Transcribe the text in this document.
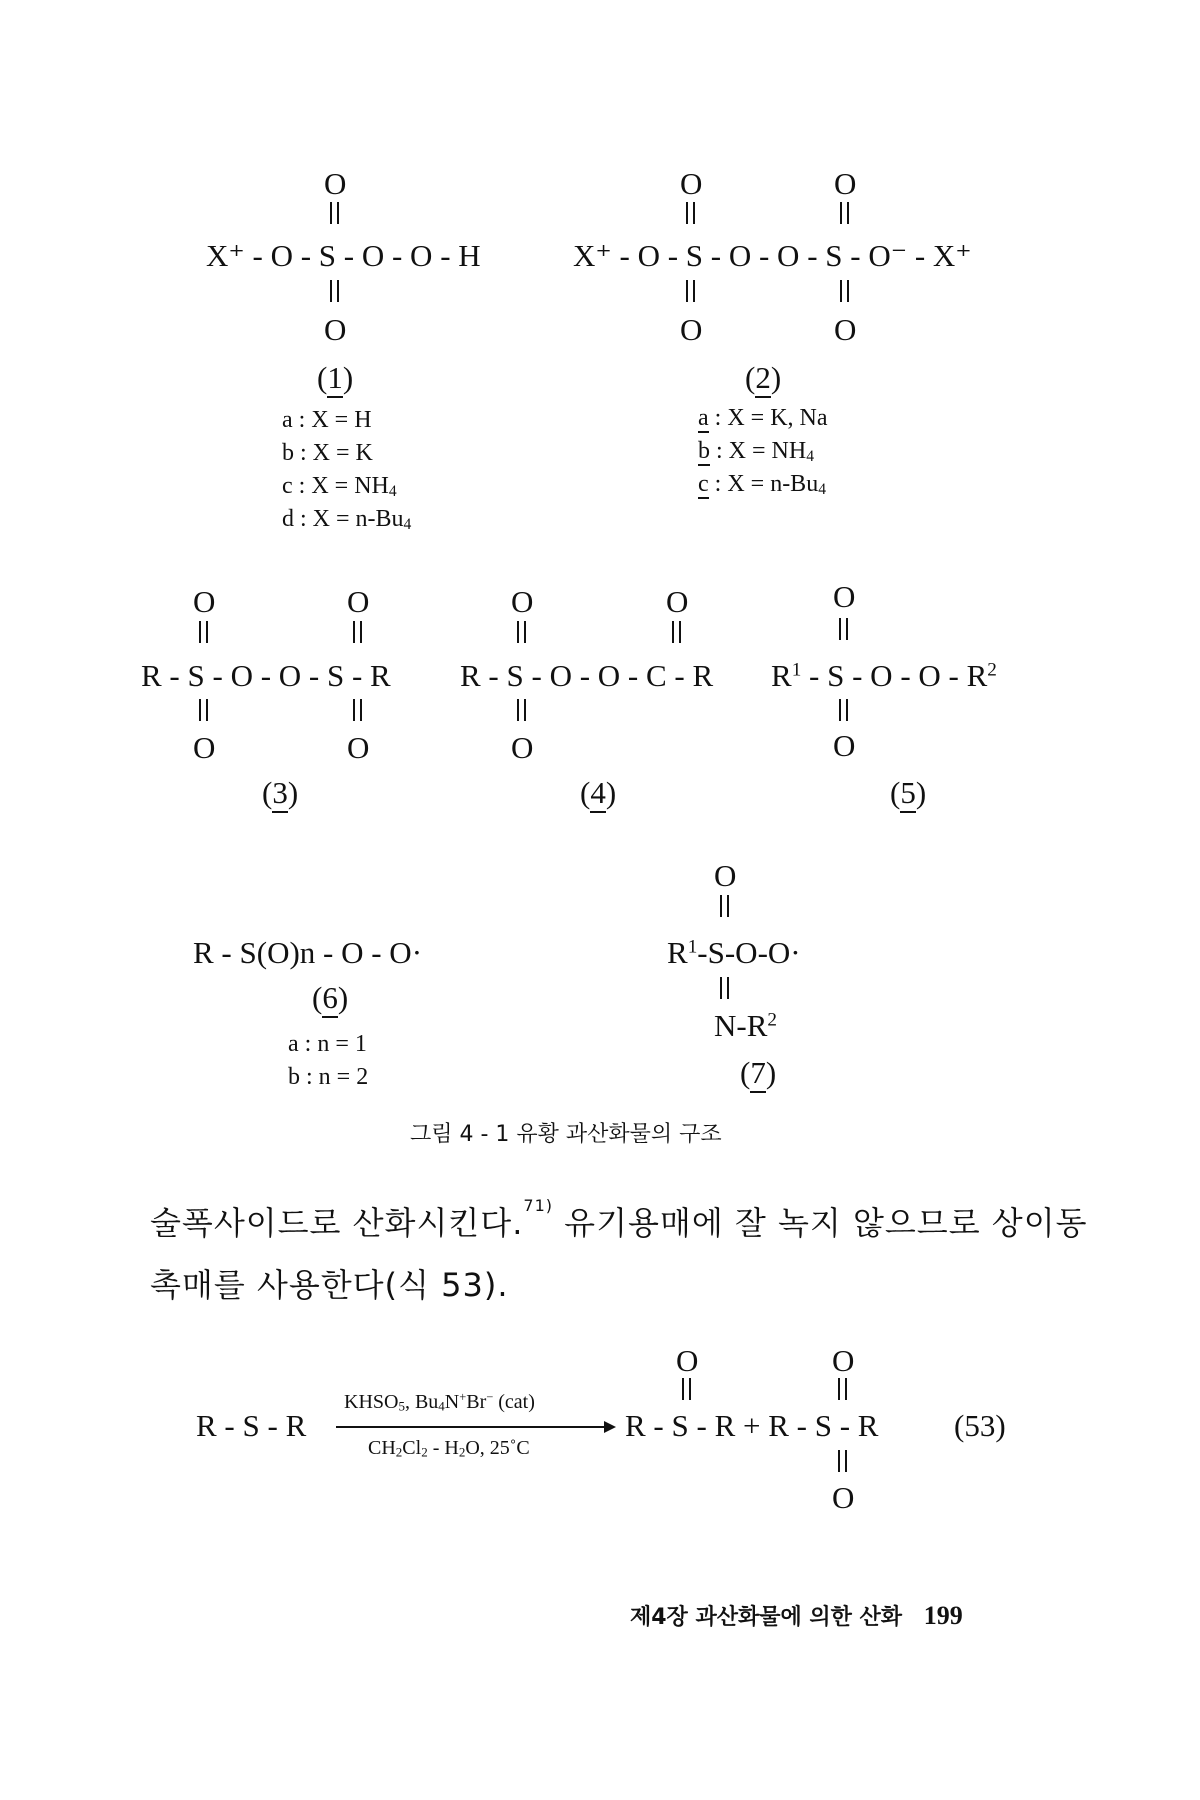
O
X⁺ - O - S - O - O - H
O
(1)
a : X = H
b : X = K
c : X = NH4
d : X = n-Bu4
O	O
X⁺ - O - S - O - O - S - O⁻ - X⁺
O	O
(2)
a : X = K, Na
b : X = NH4
c : X = n-Bu4
O	O
R - S - O - O - S - R
O	O
(3)
O	O
R - S - O - O - C - R
O
(4)
O
$R^1$ - S - O - O - $R^2$
O
(5)
R - S(O)n - O - O·
(6)
a : n = 1
b : n = 2
O
$R^1-S-O-O\cdot$
$N-R^2$
(7)
그림 4 - 1 유황 과산화물의 구조
술폭사이드로 산화시킨다.$^{71)}$ 유기용매에 잘 녹지 않으므로 상이동
촉매를 사용한다(식 53).
R - S - R
KHSO5, Bu4N+Br− (cat)
CH2Cl2 - H2O, 25˚C
O	O
R - S - R + R - S - R
O
(53)
제4장 과산화물에 의한 산화 199
